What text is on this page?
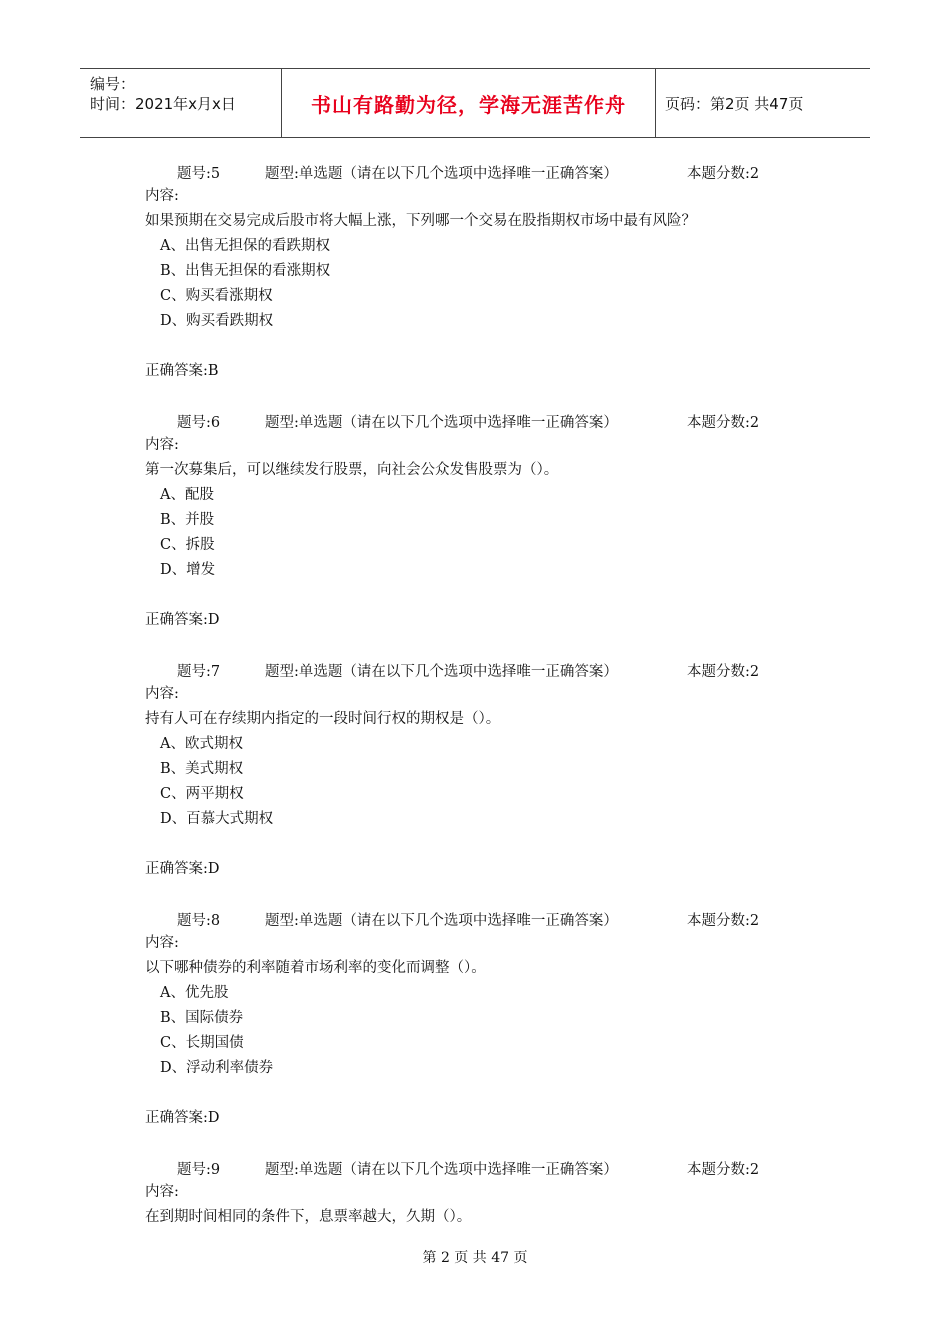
编号：
时间：2021年x月x日	书山有路勤为径，学海无涯苦作舟	页码：第2页 共47页
题号:5	题型:单选题（请在以下几个选项中选择唯一正确答案）	本题分数:2
内容:
如果预期在交易完成后股市将大幅上涨，下列哪一个交易在股指期权市场中最有风险？
A、出售无担保的看跌期权
B、出售无担保的看涨期权
C、购买看涨期权
D、购买看跌期权
正确答案:B
题号:6	题型:单选题（请在以下几个选项中选择唯一正确答案）	本题分数:2
内容:
第一次募集后，可以继续发行股票，向社会公众发售股票为（）。
A、配股
B、并股
C、拆股
D、增发
正确答案:D
题号:7	题型:单选题（请在以下几个选项中选择唯一正确答案）	本题分数:2
内容:
持有人可在存续期内指定的一段时间行权的期权是（）。
A、欧式期权
B、美式期权
C、两平期权
D、百慕大式期权
正确答案:D
题号:8	题型:单选题（请在以下几个选项中选择唯一正确答案）	本题分数:2
内容:
以下哪种债券的利率随着市场利率的变化而调整（）。
A、优先股
B、国际债券
C、长期国债
D、浮动利率债券
正确答案:D
题号:9	题型:单选题（请在以下几个选项中选择唯一正确答案）	本题分数:2
内容:
在到期时间相同的条件下，息票率越大，久期（）。
第 2 页 共 47 页
